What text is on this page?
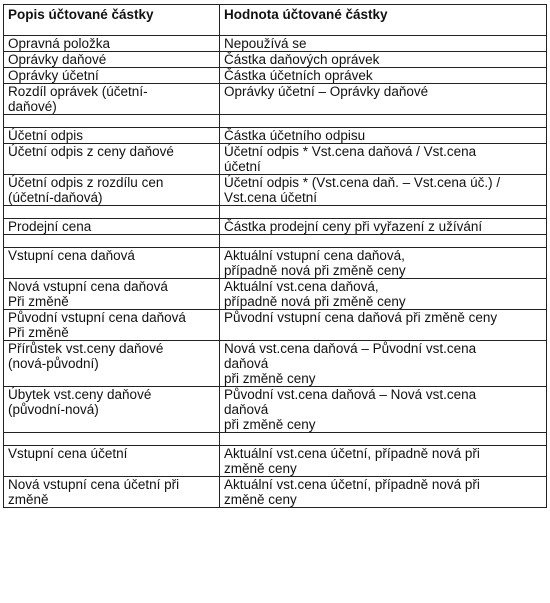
Popis účtované částky	Hodnota účtované částky

Opravná položka	Nepoužívá se

Oprávky daňové	Částka daňových oprávek

Oprávky účetní	Částka účetních oprávek

Rozdíl oprávek (účetní-
daňové)	Oprávky účetní – Oprávky daňové

Účetní odpis	Částka účetního odpisu

Účetní odpis z ceny daňové	Účetní odpis * Vst.cena daňová / Vst.cena
účetní

Účetní odpis z rozdílu cen
(účetní-daňová)	Účetní odpis * (Vst.cena daň. – Vst.cena úč.) /
Vst.cena účetní

Prodejní cena	Částka prodejní ceny při vyřazení z užívání

Vstupní cena daňová	Aktuální vstupní cena daňová,
případně nová při změně ceny

Nová vstupní cena daňová
Při změně	Aktuální vst.cena daňová,
případně nová při změně ceny

Původní vstupní cena daňová
Při změně	Původní vstupní cena daňová při změně ceny

Přírůstek vst.ceny daňové
(nová-původní)	Nová vst.cena daňová – Původní vst.cena
daňová
při změně ceny

Úbytek vst.ceny daňové
(původní-nová)	Původní vst.cena daňová – Nová vst.cena
daňová
při změně ceny

Vstupní cena účetní	Aktuální vst.cena účetní, případně nová při
změně ceny

Nová vstupní cena účetní při
změně	Aktuální vst.cena účetní, případně nová při
změně ceny
